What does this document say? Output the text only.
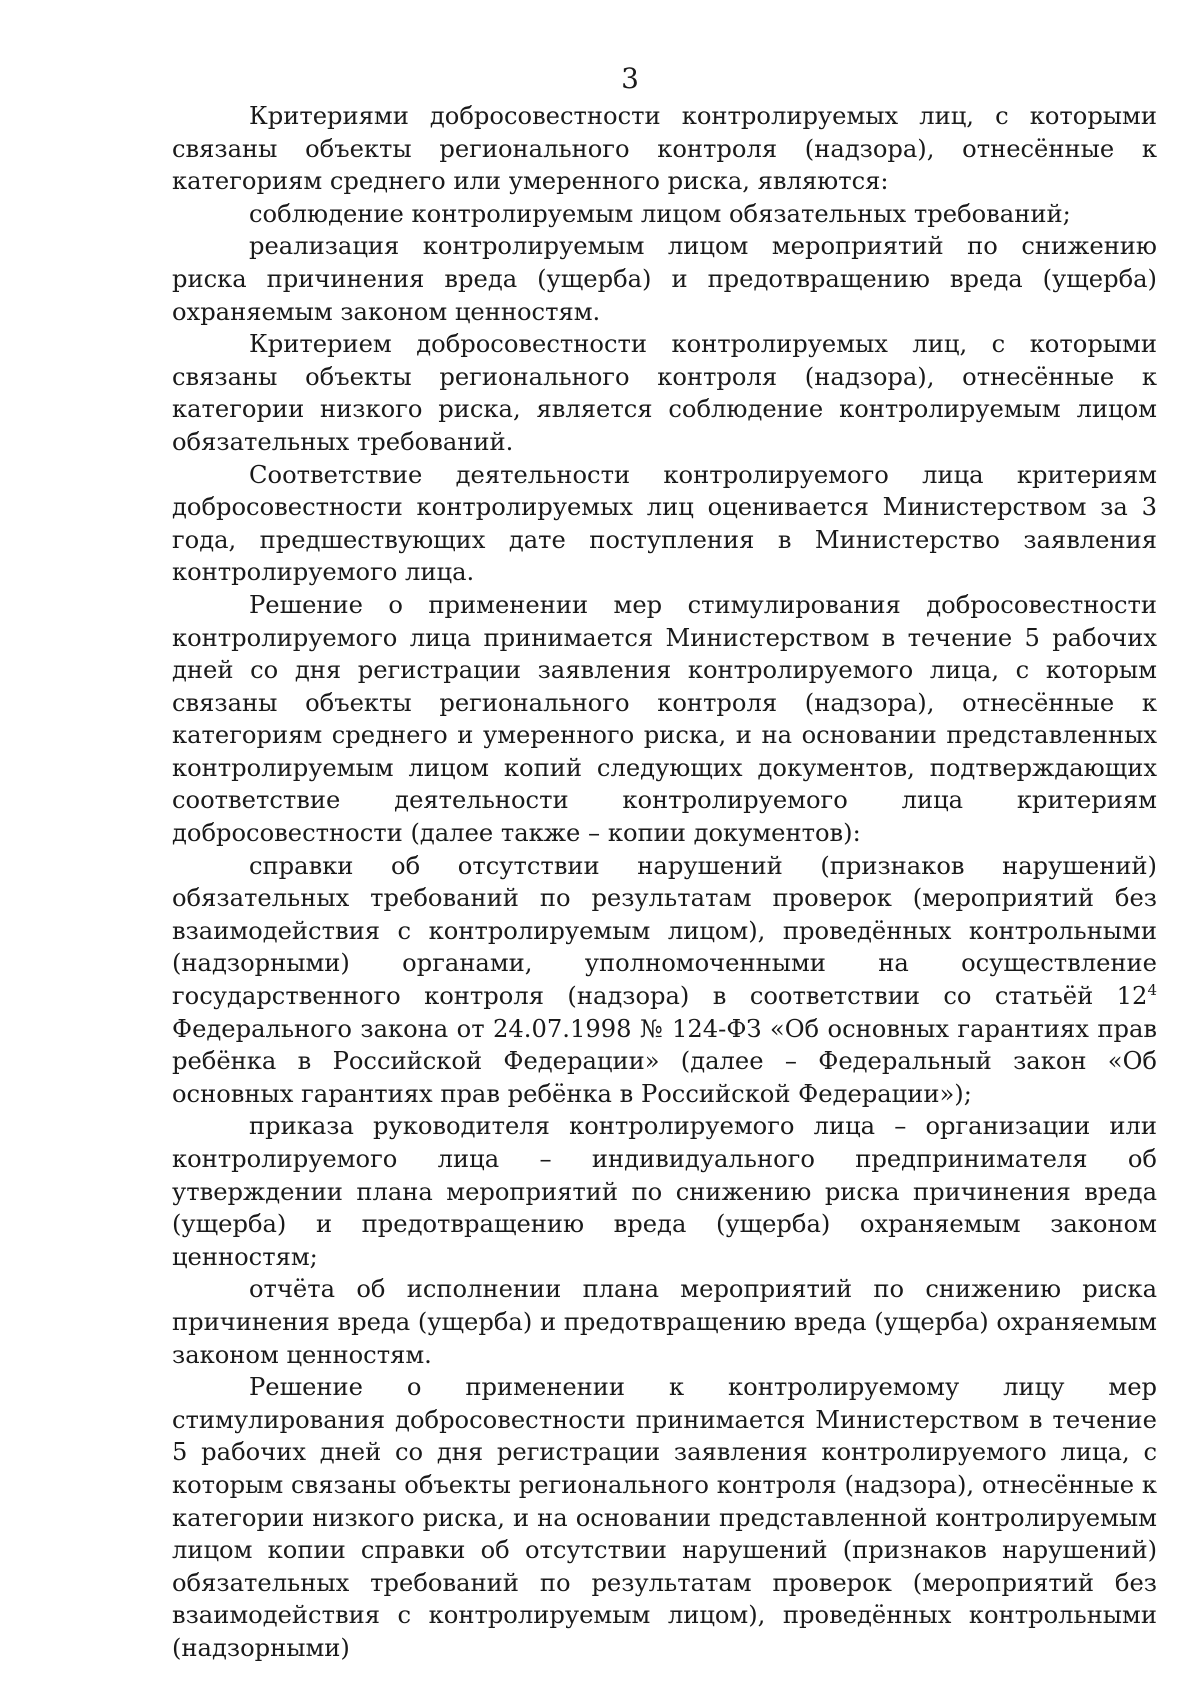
3

Критериями добросовестности контролируемых лиц, с которыми связаны объекты регионального контроля (надзора), отнесённые к категориям среднего или умеренного риска, являются:

соблюдение контролируемым лицом обязательных требований;

реализация контролируемым лицом мероприятий по снижению риска причинения вреда (ущерба) и предотвращению вреда (ущерба) охраняемым законом ценностям.

Критерием добросовестности контролируемых лиц, с которыми связаны объекты регионального контроля (надзора), отнесённые к категории низкого риска, является соблюдение контролируемым лицом обязательных требований.

Соответствие деятельности контролируемого лица критериям добросовестности контролируемых лиц оценивается Министерством за 3 года, предшествующих дате поступления в Министерство заявления контролируемого лица.

Решение о применении мер стимулирования добросовестности контролируемого лица принимается Министерством в течение 5 рабочих дней со дня регистрации заявления контролируемого лица, с которым связаны объекты регионального контроля (надзора), отнесённые к категориям среднего и умеренного риска, и на основании представленных контролируемым лицом копий следующих документов, подтверждающих соответствие деятельности контролируемого лица критериям добросовестности (далее также – копии документов):

справки об отсутствии нарушений (признаков нарушений) обязательных требований по результатам проверок (мероприятий без взаимодействия с контролируемым лицом), проведённых контрольными (надзорными) органами, уполномоченными на осуществление государственного контроля (надзора) в соответствии со статьёй $12^4$ Федерального закона от 24.07.1998 № 124-ФЗ «Об основных гарантиях прав ребёнка в Российской Федерации» (далее – Федеральный закон «Об основных гарантиях прав ребёнка в Российской Федерации»);

приказа руководителя контролируемого лица – организации или контролируемого лица – индивидуального предпринимателя об утверждении плана мероприятий по снижению риска причинения вреда (ущерба) и предотвращению вреда (ущерба) охраняемым законом ценностям;

отчёта об исполнении плана мероприятий по снижению риска причинения вреда (ущерба) и предотвращению вреда (ущерба) охраняемым законом ценностям.

Решение о применении к контролируемому лицу мер стимулирования добросовестности принимается Министерством в течение 5 рабочих дней со дня регистрации заявления контролируемого лица, с которым связаны объекты регионального контроля (надзора), отнесённые к категории низкого риска, и на основании представленной контролируемым лицом копии справки об отсутствии нарушений (признаков нарушений) обязательных требований по результатам проверок (мероприятий без взаимодействия с контролируемым лицом), проведённых контрольными (надзорными)
